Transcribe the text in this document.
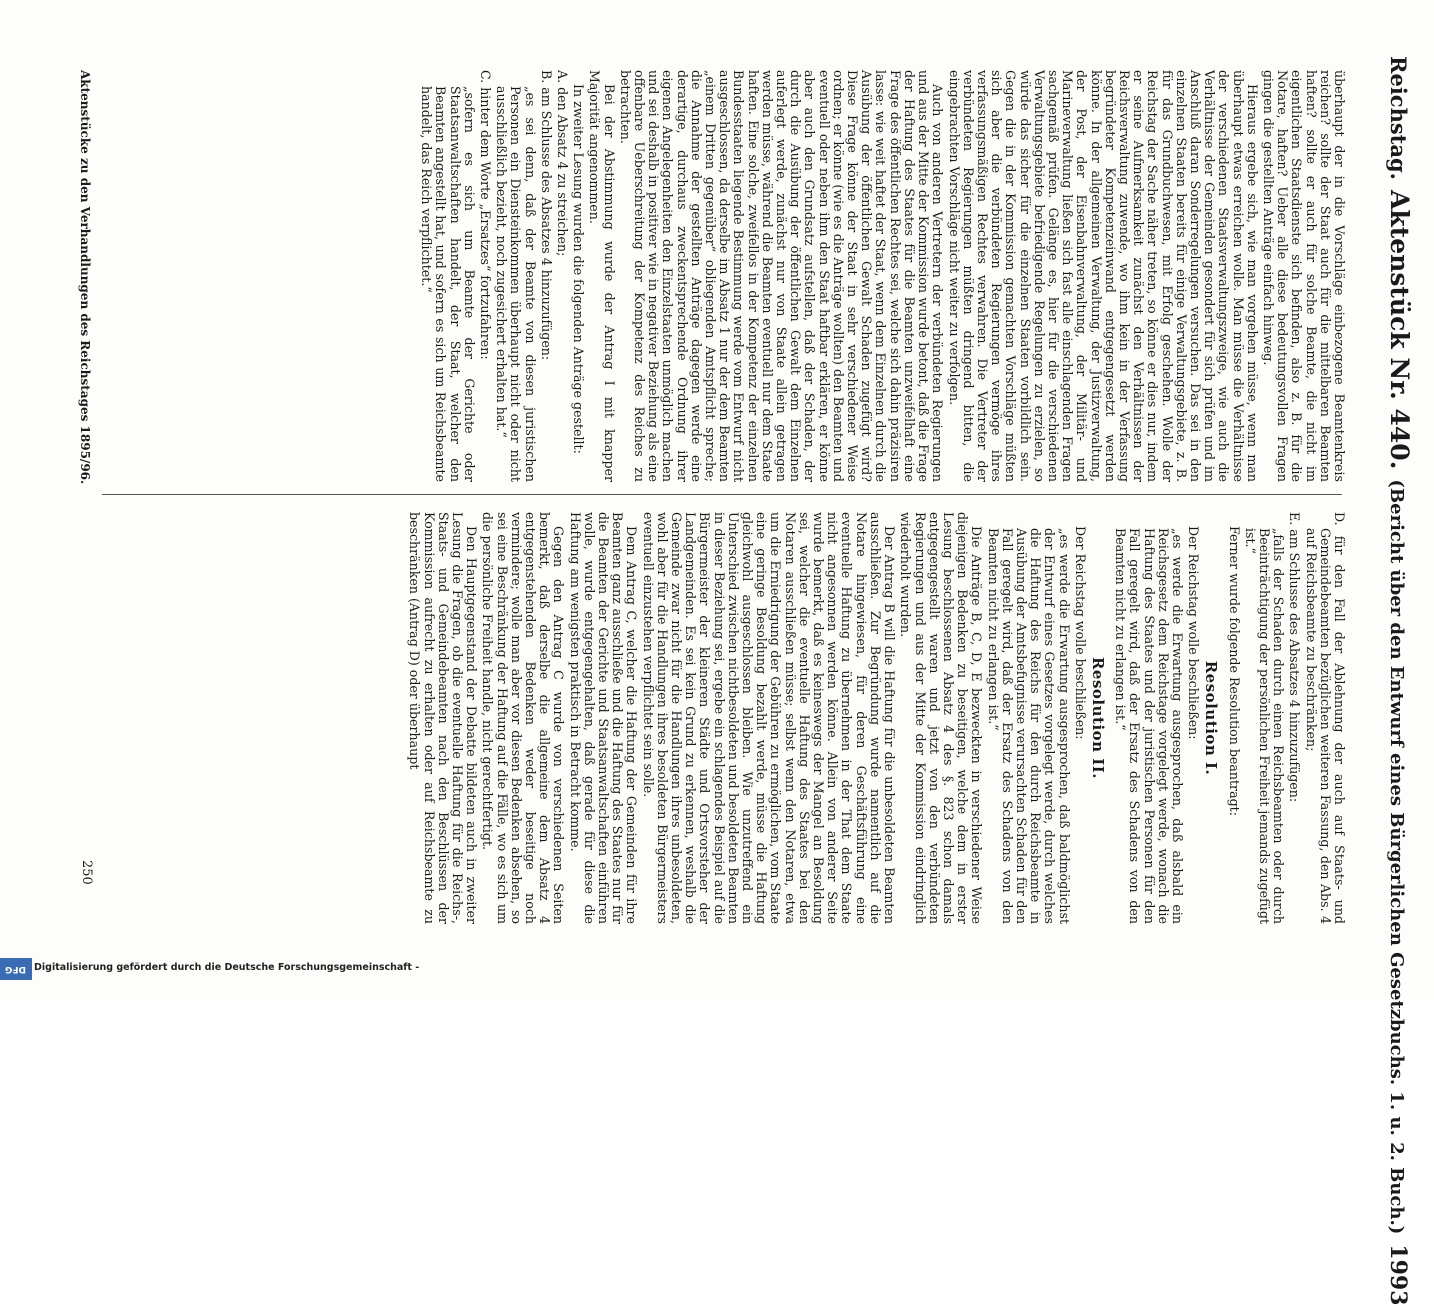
Reichstag.
Aktenstück Nr. 440.
(Bericht über den Entwurf eines Bürgerlichen Gesetzbuchs. 1. u. 2. Buch.)
1993

überhaupt der in die Vorschläge einbezogene Beamtenkreis reichen? sollte der Staat auch für die mittelbaren Beamten haften? sollte er auch für solche Beamte, die nicht im eigentlichen Staatsdienste sich befinden, also z. B. für die Notare, haften? Ueber alle diese bedeutungsvollen Fragen gingen die gestellten Anträge einfach hinweg.

Hieraus ergebe sich, wie man vorgehen müsse, wenn man überhaupt etwas erreichen wolle. Man müsse die Verhältnisse der verschiedenen Staatsverwaltungszweige, wie auch die Verhältnisse der Gemeinden gesondert für sich prüfen und im Anschluß daran Sonderregelungen versuchen. Das sei in den einzelnen Staaten bereits für einige Verwaltungsgebiete, z. B. für das Grundbuchwesen, mit Erfolg geschehen. Wolle der Reichstag der Sache näher treten, so könne er dies nur, indem er seine Aufmerksamkeit zunächst den Verhältnissen der Reichsverwaltung zuwende, wo ihm kein in der Verfassung begründeter Kompetenzeinwand entgegengesetzt werden könne. In der allgemeinen Verwaltung, der Justizverwaltung, der Post, der Eisenbahnverwaltung, der Militär- und Marineverwaltung ließen sich fast alle einschlagenden Fragen sachgemäß prüfen. Gelänge es, hier für die verschiedenen Verwaltungsgebiete befriedigende Regelungen zu erzielen, so würde das sicher für die einzelnen Staaten vorbildlich sein. Gegen die in der Kommission gemachten Vorschläge müßten sich aber die verbündeten Regierungen vermöge ihres verfassungsmäßigen Rechtes verwahren. Die Vertreter der verbündeten Regierungen müßten dringend bitten, die eingebrachten Vorschläge nicht weiter zu verfolgen.

Auch von anderen Vertretern der verbündeten Regierungen und aus der Mitte der Kommission wurde betont, daß die Frage der Haftung des Staates für die Beamten unzweifelhaft eine Frage des öffentlichen Rechtes sei, welche sich dahin präzisiren lasse: wie weit haftet der Staat, wenn dem Einzelnen durch die Ausübung der öffentlichen Gewalt Schaden zugefügt wird? Diese Frage könne der Staat in sehr verschiedener Weise ordnen; er könne (wie es die Anträge wollten) den Beamten und eventuell oder neben ihm den Staat haftbar erklären, er könne aber auch den Grundsatz aufstellen, daß der Schaden, der durch die Ausübung der öffentlichen Gewalt dem Einzelnen auferlegt werde, zunächst nur von Staate allein getragen werden müsse, während die Beamten eventuell nur dem Staate haften. Eine solche, zweifellos in der Kompetenz der einzelnen Bundesstaaten liegende Bestimmung werde vom Entwurf nicht ausgeschlossen, da derselbe im Absatz 1 nur der dem Beamten „einem Dritten gegenüber“ obliegenden Amtspflicht spreche; die Annahme der gestellten Anträge dagegen werde eine derartige, durchaus zweckentsprechende Ordnung ihrer eigenen Angelegenheiten den Einzelstaaten unmöglich machen und sei deshalb in positiver wie in negativer Beziehung als eine offenbare Ueberschreitung der Kompetenz des Reiches zu betrachten.

Bei der Abstimmung wurde der Antrag I mit knapper Majorität angenommen.

In zweiter Lesung wurden die folgenden Anträge gestellt:

A. den Absatz 4 zu streichen;

B. am Schlusse des Absatzes 4 hinzuzufügen:

„es sei denn, daß der Beamte von diesen juristischen Personen ein Diensteinkommen überhaupt nicht oder nicht ausschließlich bezieht, noch zugesichert erhalten hat.“

C. hinter dem Worte „Ersatzes“ fortzufahren:

„sofern es sich um Beamte der Gerichte oder Staatsanwaltschaften handelt, der Staat, welcher den Beamten angestellt hat, und sofern es sich um Reichsbeamte handelt, das Reich verpflichtet.“

D. für den Fall der Ablehnung der auch auf Staats- und Gemeindebeamten bezüglichen weiteren Fassung, den Abs. 4 auf Reichsbeamte zu beschränken;

E. am Schlusse des Absatzes 4 hinzuzufügen:

„falls der Schaden durch einen Reichsbeamten oder durch Beeinträchtigung der persönlichen Freiheit jemands zugefügt ist.“

Ferner wurde folgende Resolution beantragt:

Resolution I.

Der Reichstag wolle beschließen:

„es werde die Erwartung ausgesprochen, daß alsbald ein Reichsgesetz dem Reichstage vorgelegt werde, wonach die Haftung des Staates und der juristischen Personen für den Fall geregelt wird, daß der Ersatz des Schadens von den Beamten nicht zu erlangen ist.“

Resolution II.

Der Reichstag wolle beschließen:

„es werde die Erwartung ausgesprochen, daß baldmöglichst der Entwurf eines Gesetzes vorgelegt werde, durch welches die Haftung des Reichs für den durch Reichsbeamte in Ausübung der Amtsbefugnisse verursachten Schaden für den Fall geregelt wird, daß der Ersatz des Schadens von den Beamten nicht zu erlangen ist.“

Die Anträge B, C, D, E bezweckten in verschiedener Weise diejenigen Bedenken zu beseitigen, welche dem in erster Lesung beschlossenen Absatz 4 des §. 823 schon damals entgegengestellt waren und jetzt von den verbündeten Regierungen und aus der Mitte der Kommission eindringlich wiederholt wurden.

Der Antrag B will die Haftung für die unbesoldeten Beamten ausschließen. Zur Begründung wurde namentlich auf die Notare hingewiesen, für deren Geschäftsführung eine eventuelle Haftung zu übernehmen in der That dem Staate nicht angesonnen werden könne. Allein von anderer Seite wurde bemerkt, daß es keineswegs der Mangel an Besoldung sei, welcher die eventuelle Haftung des Staates bei den Notaren ausschließen müsse; selbst wenn den Notaren, etwa um die Erniedrigung der Gebühren zu ermöglichen, vom Staate eine geringe Besoldung bezahlt werde, müsse die Haftung gleichwohl ausgeschlossen bleiben. Wie unzutreffend ein Unterschied zwischen nichtbesoldeten und besoldeten Beamten in dieser Beziehung sei, ergebe ein schlagendes Beispiel auf die Bürgermeister der kleineren Städte und Ortsvorsteher der Landgemeinden. Es sei kein Grund zu erkennen, weshalb die Gemeinde zwar nicht für die Handlungen ihres unbesoldeten, wohl aber für die Handlungen ihres besoldeten Bürgermeisters eventuell einzustehen verpflichtet sein solle.

Dem Antrag C, welcher die Haftung der Gemeinden für ihre Beamten ganz ausschließe und die Haftung des Staates nur für die Beamten der Gerichte und Staatsanwaltschaften einführen wolle, wurde entgegengehalten, daß gerade für diese die Haftung am wenigsten praktisch in Betracht komme.

Gegen den Antrag C wurde von verschiedenen Seiten bemerkt, daß derselbe die allgemeine dem Absatz 4 entgegenstehenden Bedenken weder beseitige noch vermindere; wolle man aber vor diesen Bedenken absehen, so sei eine Beschränkung der Haftung auf die Fälle, wo es sich um die persönliche Freiheit handle, nicht gerechtfertigt.

Den Hauptgegenstand der Debatte bildeten auch in zweiter Lesung die Fragen, ob die eventuelle Haftung für die Reichs-, Staats- und Gemeindebeamten nach den Beschlüssen der Kommission aufrecht zu erhalten oder auf Reichsbeamte zu beschränken (Antrag D) oder überhaupt

Aktenstücke zu den Verhandlungen des Reichstages 1895/96.
250
Digitalisierung gefördert durch die Deutsche Forschungsgemeinschaft -
DFG
